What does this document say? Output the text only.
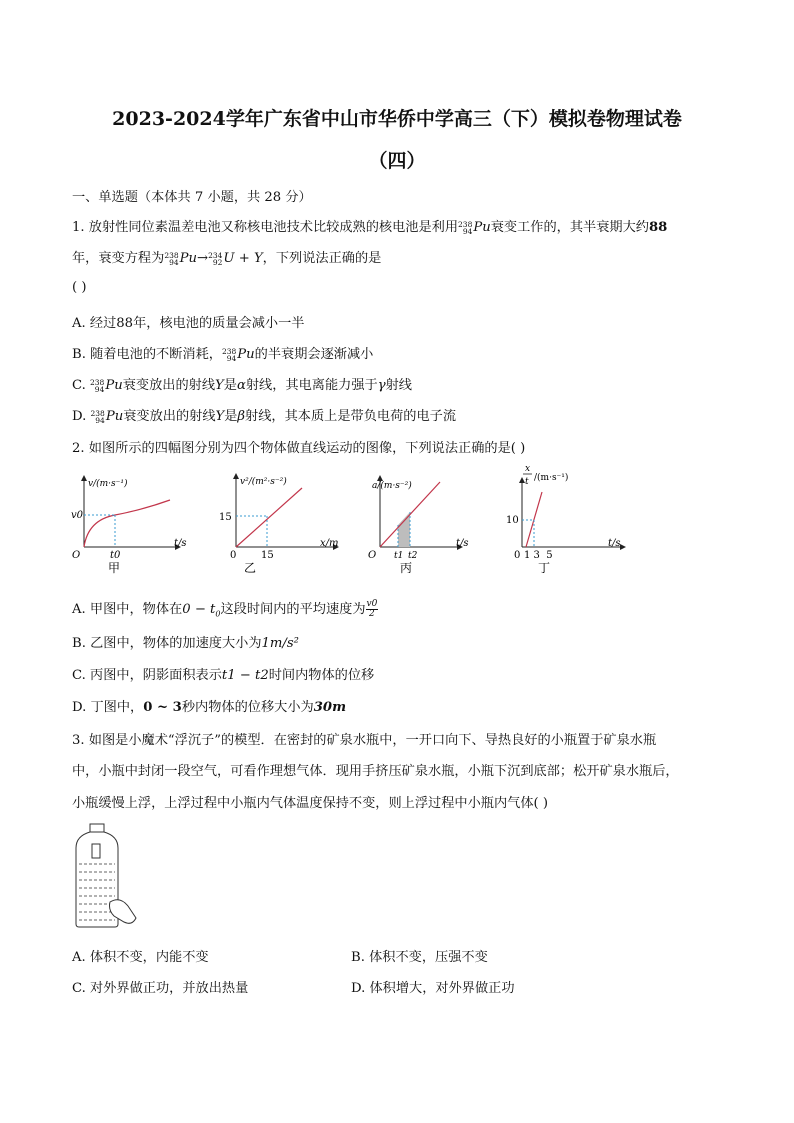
2023-2024学年广东省中山市华侨中学高三（下）模拟卷物理试卷
（四）
一、单选题（本体共 7 小题，共 28 分）
1. 放射性同位素温差电池又称核电池技术比较成熟的核电池是利用 238
94 Pu衰变工作的，其半衰期大约88
年，衰变方程为 238
94 Pu→ 234
92 U + Y，下列说法正确的是
( )
A. 经过88年，核电池的质量会减小一半
B. 随着电池的不断消耗， 238
94 Pu的半衰期会逐渐减小
C. 238
94 Pu衰变放出的射线Y是α射线，其电离能力强于γ射线
D. 238
94 Pu衰变放出的射线Y是β射线，其本质上是带负电荷的电子流
2. 如图所示的四幅图分别为四个物体做直线运动的图像，下列说法正确的是( )
v/(m·s⁻¹)
t/s
O
v0
t0
甲
v²/(m²·s⁻²)
x/m
0
15
15
乙
a/(m·s⁻²)
t/s
O t1 t2
丙
x
t /(m·s⁻¹)
t/s
0
10
1 3  5
丁
A. 甲图中，物体在$0 - t_0$这段时间内的平均速度为 $\frac{v0}{2}$
B. 乙图中，物体的加速度大小为1m/s²
C. 丙图中，阴影面积表示t1 − t2时间内物体的位移
D. 丁图中，0 ~ 3秒内物体的位移大小为30m
3. 如图是小魔术“浮沉子”的模型．在密封的矿泉水瓶中，一开口向下、导热良好的小瓶置于矿泉水瓶
中，小瓶中封闭一段空气，可看作理想气体．现用手挤压矿泉水瓶，小瓶下沉到底部；松开矿泉水瓶后，
小瓶缓慢上浮，上浮过程中小瓶内气体温度保持不变，则上浮过程中小瓶内气体( )
A. 体积不变，内能不变	B. 体积不变，压强不变
C. 对外界做正功，并放出热量	D. 体积增大，对外界做正功
